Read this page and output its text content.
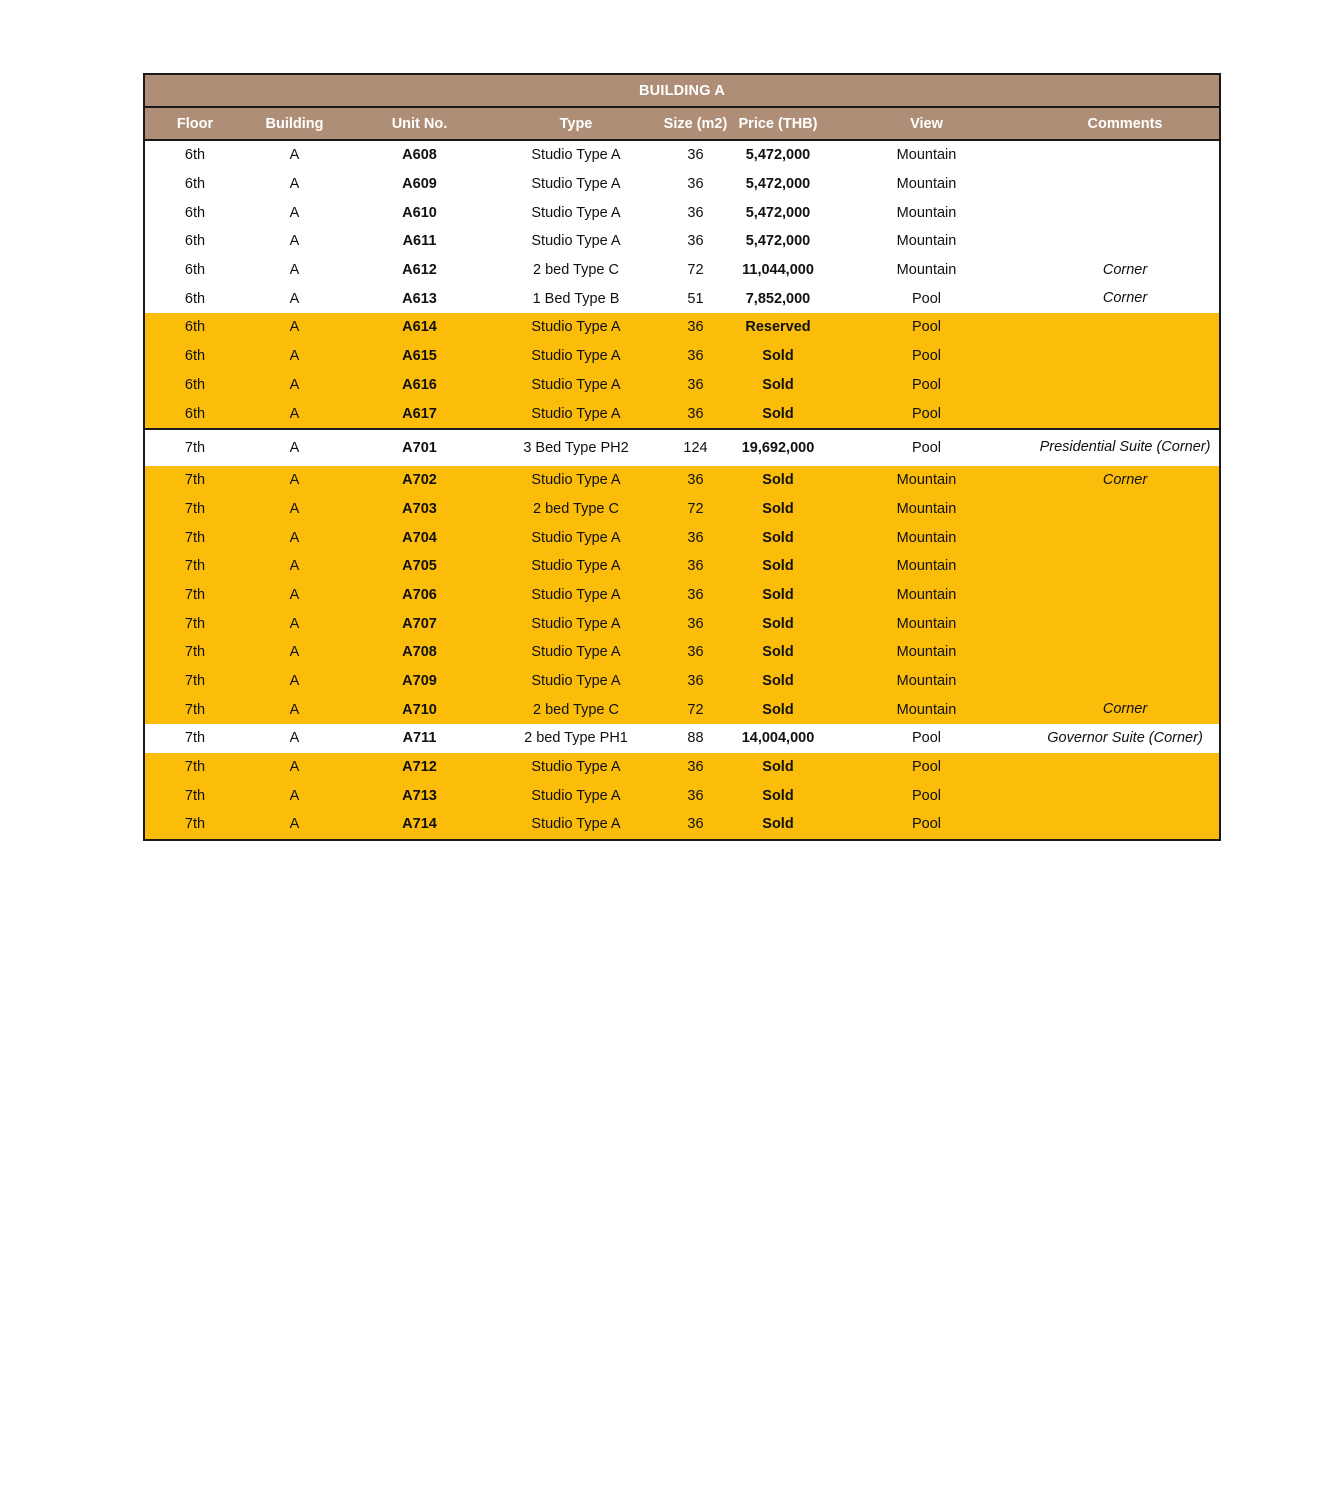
BUILDING A							
Floor	Building	Unit No.	Type	Size (m2)	Price (THB)	View	Comments
6th	A	A608	Studio Type A	36	5,472,000	Mountain	
6th	A	A609	Studio Type A	36	5,472,000	Mountain	
6th	A	A610	Studio Type A	36	5,472,000	Mountain	
6th	A	A611	Studio Type A	36	5,472,000	Mountain	
6th	A	A612	2 bed Type C	72	11,044,000	Mountain	Corner
6th	A	A613	1 Bed Type B	51	7,852,000	Pool	Corner
6th	A	A614	Studio Type A	36	Reserved	Pool	
6th	A	A615	Studio Type A	36	Sold	Pool	
6th	A	A616	Studio Type A	36	Sold	Pool	
6th	A	A617	Studio Type A	36	Sold	Pool	
7th	A	A701	3 Bed Type PH2	124	19,692,000	Pool	Presidential Suite (Corner)
7th	A	A702	Studio Type A	36	Sold	Mountain	Corner
7th	A	A703	2 bed Type C	72	Sold	Mountain	
7th	A	A704	Studio Type A	36	Sold	Mountain	
7th	A	A705	Studio Type A	36	Sold	Mountain	
7th	A	A706	Studio Type A	36	Sold	Mountain	
7th	A	A707	Studio Type A	36	Sold	Mountain	
7th	A	A708	Studio Type A	36	Sold	Mountain	
7th	A	A709	Studio Type A	36	Sold	Mountain	
7th	A	A710	2 bed Type C	72	Sold	Mountain	Corner
7th	A	A711	2 bed Type PH1	88	14,004,000	Pool	Governor Suite (Corner)
7th	A	A712	Studio Type A	36	Sold	Pool	
7th	A	A713	Studio Type A	36	Sold	Pool	
7th	A	A714	Studio Type A	36	Sold	Pool	
